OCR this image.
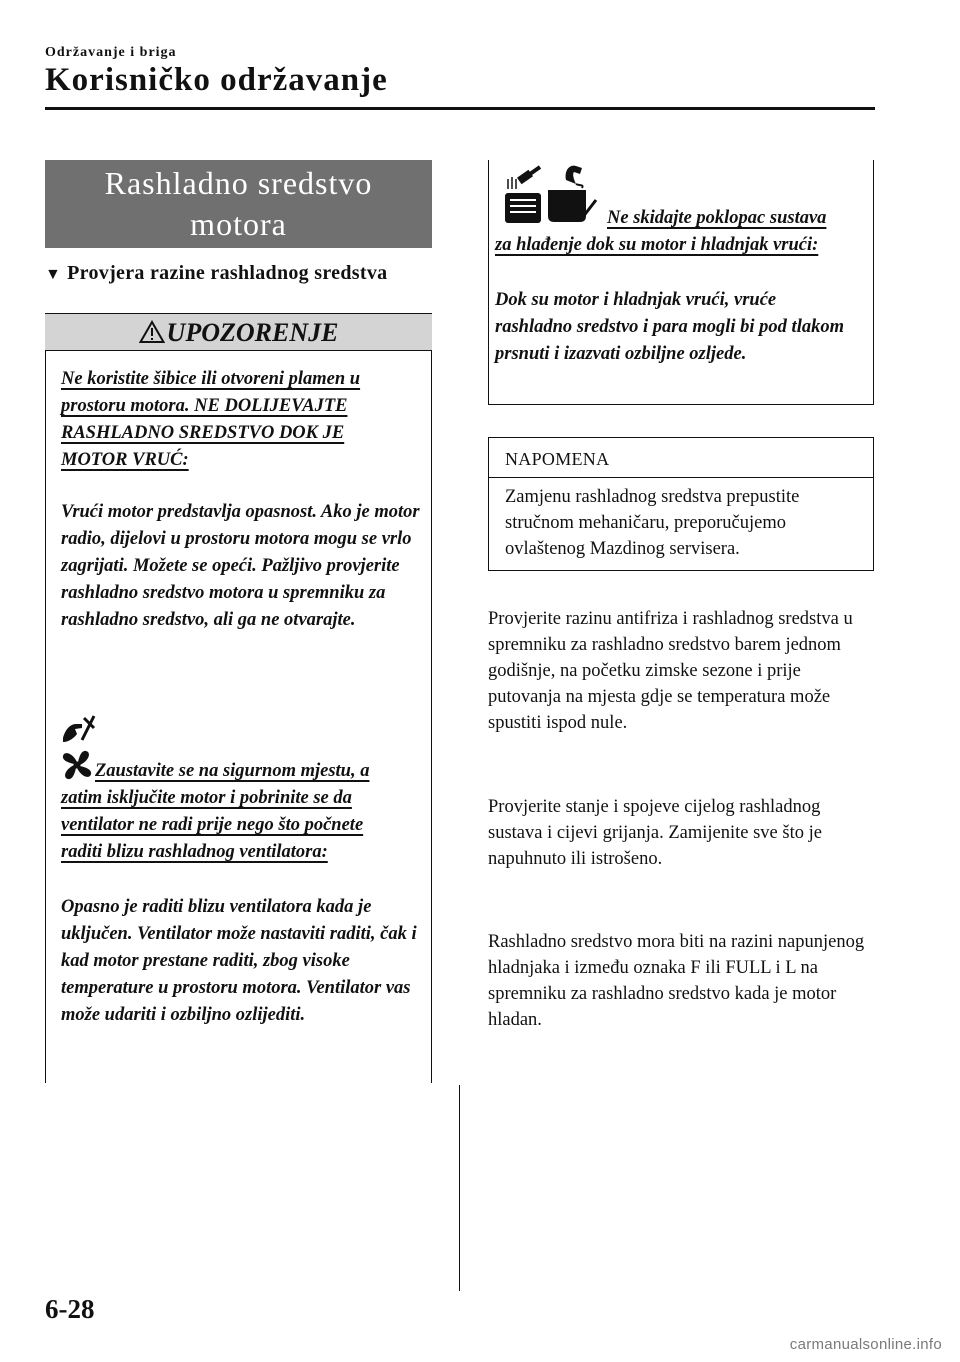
Održavanje i briga
Korisničko održavanje
Rashladno sredstvo
motora
▼ Provjera razine rashladnog sredstva
UPOZORENJE
Ne koristite šibice ili otvoreni plamen u prostoru motora. NE DOLIJEVAJTE RASHLADNO SREDSTVO DOK JE MOTOR VRUĆ:
Vrući motor predstavlja opasnost. Ako je motor radio, dijelovi u prostoru motora mogu se vrlo zagrijati. Možete se opeći. Pažljivo provjerite rashladno sredstvo motora u spremniku za rashladno sredstvo, ali ga ne otvarajte.
Zaustavite se na sigurnom mjestu, a zatim isključite motor i pobrinite se da ventilator ne radi prije nego što počnete raditi blizu rashladnog ventilatora:
Opasno je raditi blizu ventilatora kada je uključen. Ventilator može nastaviti raditi, čak i kad motor prestane raditi, zbog visoke temperature u prostoru motora. Ventilator vas može udariti i ozbiljno ozlijediti.
Ne skidajte poklopac sustava za hlađenje dok su motor i hladnjak vrući:
Dok su motor i hladnjak vrući, vruće rashladno sredstvo i para mogli bi pod tlakom prsnuti i izazvati ozbiljne ozljede.
NAPOMENA
Zamjenu rashladnog sredstva prepustite stručnom mehaničaru, preporučujemo ovlaštenog Mazdinog servisera.
Provjerite razinu antifriza i rashladnog sredstva u spremniku za rashladno sredstvo barem jednom godišnje, na početku zimske sezone i prije putovanja na mjesta gdje se temperatura može spustiti ispod nule.
Provjerite stanje i spojeve cijelog rashladnog sustava i cijevi grijanja. Zamijenite sve što je napuhnuto ili istrošeno.
Rashladno sredstvo mora biti na razini napunjenog hladnjaka i između oznaka F ili FULL i L na spremniku za rashladno sredstvo kada je motor hladan.
6-28
carmanualsonline.info
